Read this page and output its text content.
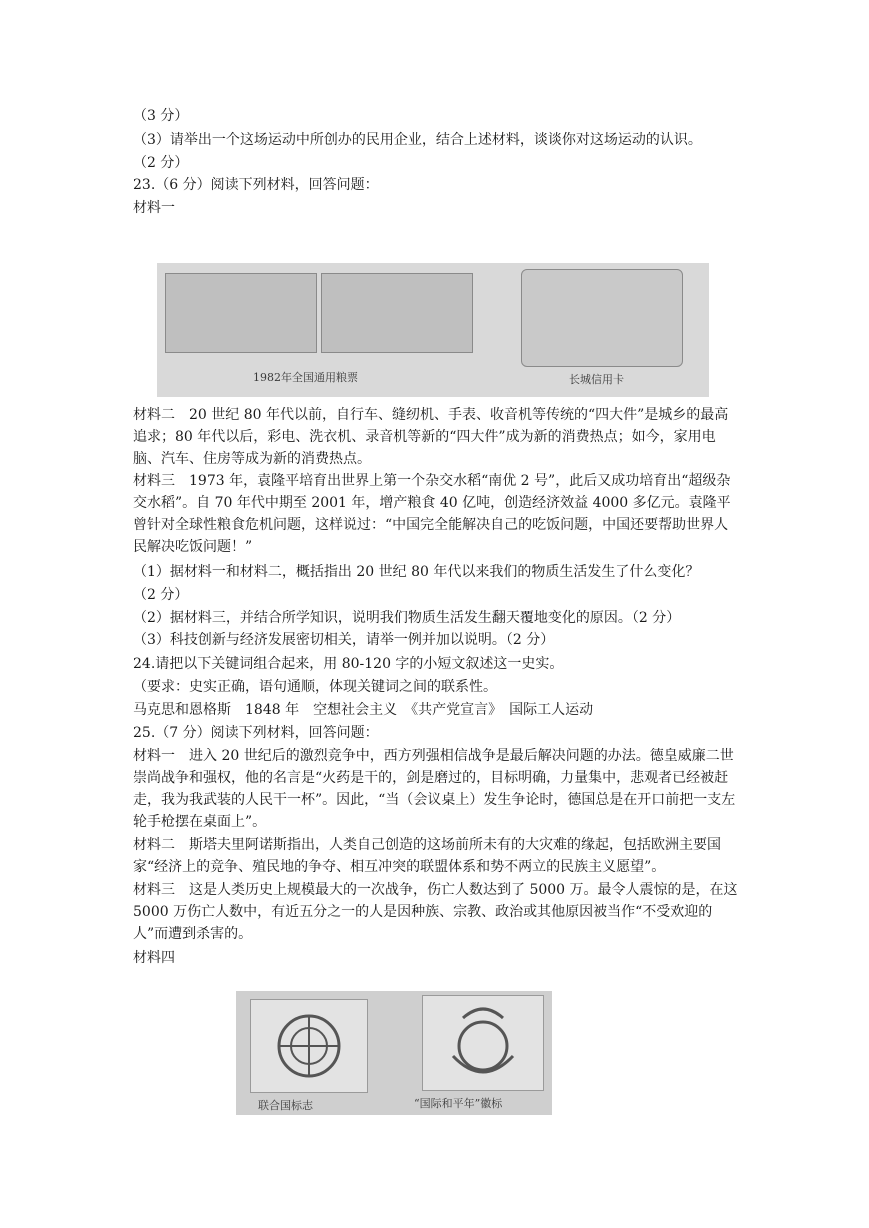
（3 分）
（3）请举出一个这场运动中所创办的民用企业，结合上述材料，谈谈你对这场运动的认识。
（2 分）
23.（6 分）阅读下列材料，回答问题：
材料一
1982年全国通用粮票	长城信用卡
材料二　20 世纪 80 年代以前，自行车、缝纫机、手表、收音机等传统的“四大件”是城乡的最高追求；80 年代以后，彩电、洗衣机、录音机等新的“四大件”成为新的消费热点；如今，家用电脑、汽车、住房等成为新的消费热点。
材料三　1973 年，袁隆平培育出世界上第一个杂交水稻“南优 2 号”，此后又成功培育出“超级杂交水稻”。自 70 年代中期至 2001 年，增产粮食 40 亿吨，创造经济效益 4000 多亿元。袁隆平曾针对全球性粮食危机问题，这样说过：“中国完全能解决自己的吃饭问题，中国还要帮助世界人民解决吃饭问题！”
（1）据材料一和材料二，概括指出 20 世纪 80 年代以来我们的物质生活发生了什么变化？
（2 分）
（2）据材料三，并结合所学知识，说明我们物质生活发生翻天覆地变化的原因。（2 分）
（3）科技创新与经济发展密切相关，请举一例并加以说明。（2 分）
24.请把以下关键词组合起来，用 80-120 字的小短文叙述这一史实。
（要求：史实正确，语句通顺，体现关键词之间的联系性。
马克思和恩格斯　1848 年　空想社会主义　《共产党宣言》　国际工人运动
25.（7 分）阅读下列材料，回答问题：
材料一　进入 20 世纪后的激烈竞争中，西方列强相信战争是最后解决问题的办法。德皇威廉二世崇尚战争和强权，他的名言是“火药是干的，剑是磨过的，目标明确，力量集中，悲观者已经被赶走，我为我武装的人民干一杯”。因此，“当（会议桌上）发生争论时，德国总是在开口前把一支左轮手枪摆在桌面上”。
材料二　斯塔夫里阿诺斯指出，人类自己创造的这场前所未有的大灾难的缘起，包括欧洲主要国家“经济上的竞争、殖民地的争夺、相互冲突的联盟体系和势不两立的民族主义愿望”。
材料三　这是人类历史上规模最大的一次战争，伤亡人数达到了 5000 万。最令人震惊的是，在这 5000 万伤亡人数中，有近五分之一的人是因种族、宗教、政治或其他原因被当作“不受欢迎的人”而遭到杀害的。
材料四
联合国标志	“国际和平年”徽标
